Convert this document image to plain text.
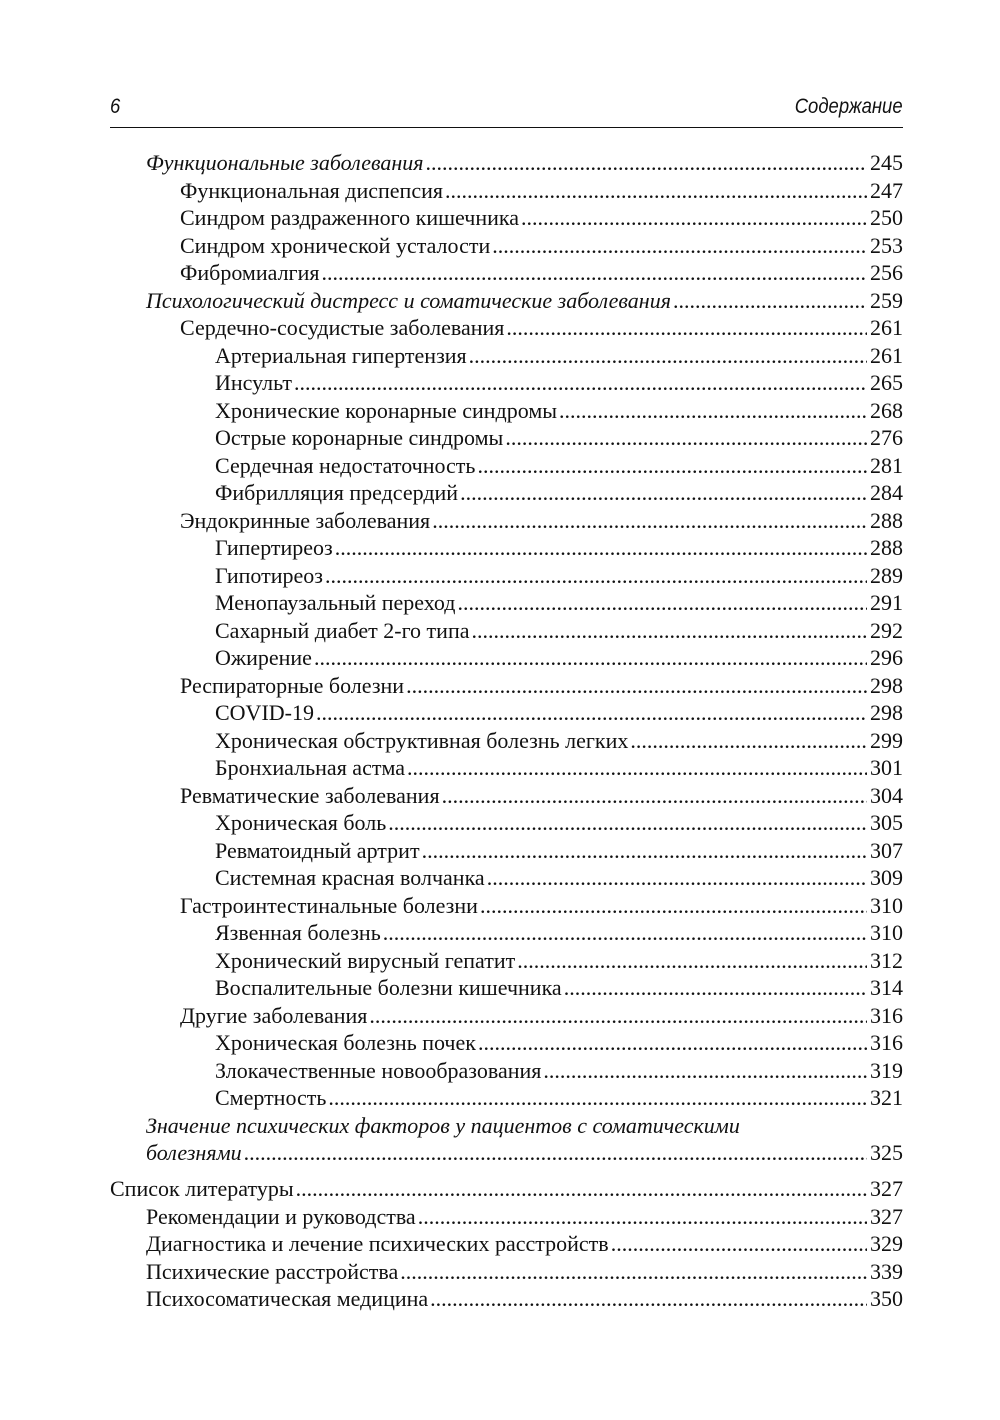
6	Содержание
Функциональные заболевания .....	245
Функциональная диспепсия .....	247
Синдром раздраженного кишечника .....	250
Синдром хронической усталости .....	253
Фибромиалгия .....	256
Психологический дистресс и соматические заболевания .....	259
Сердечно-сосудистые заболевания .....	261
Артериальная гипертензия .....	261
Инсульт .....	265
Хронические коронарные синдромы .....	268
Острые коронарные синдромы .....	276
Сердечная недостаточность .....	281
Фибрилляция предсердий .....	284
Эндокринные заболевания .....	288
Гипертиреоз .....	288
Гипотиреоз .....	289
Менопаузальный переход .....	291
Сахарный диабет 2-го типа .....	292
Ожирение .....	296
Респираторные болезни .....	298
COVID-19 .....	298
Хроническая обструктивная болезнь легких .....	299
Бронхиальная астма .....	301
Ревматические заболевания .....	304
Хроническая боль .....	305
Ревматоидный артрит .....	307
Системная красная волчанка .....	309
Гастроинтестинальные болезни .....	310
Язвенная болезнь .....	310
Хронический вирусный гепатит .....	312
Воспалительные болезни кишечника .....	314
Другие заболевания .....	316
Хроническая болезнь почек .....	316
Злокачественные новообразования .....	319
Смертность .....	321
Значение психических факторов у пациентов с соматическими
болезнями .....	325
Список литературы .....	327
Рекомендации и руководства .....	327
Диагностика и лечение психических расстройств .....	329
Психические расстройства .....	339
Психосоматическая медицина .....	350
